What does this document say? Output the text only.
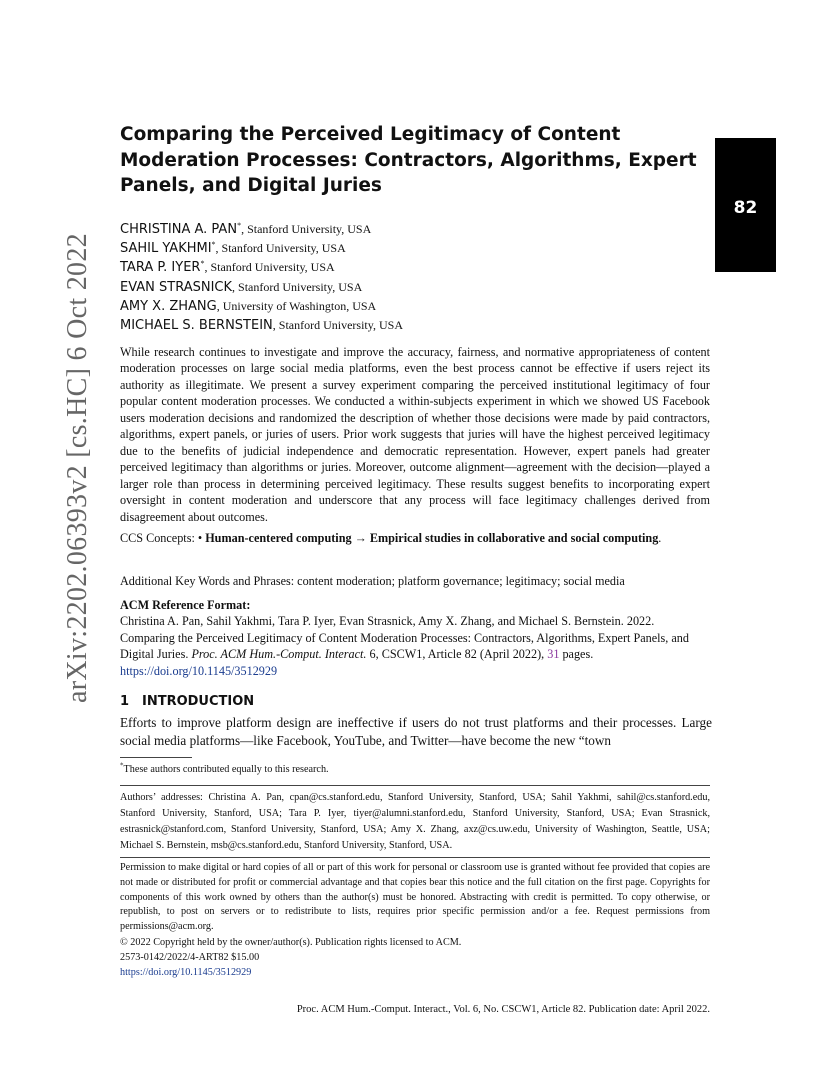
Comparing the Perceived Legitimacy of Content Moderation Processes: Contractors, Algorithms, Expert Panels, and Digital Juries
82
arXiv:2202.06393v2 [cs.HC] 6 Oct 2022
CHRISTINA A. PAN*, Stanford University, USA
SAHIL YAKHMI*, Stanford University, USA
TARA P. IYER*, Stanford University, USA
EVAN STRASNICK, Stanford University, USA
AMY X. ZHANG, University of Washington, USA
MICHAEL S. BERNSTEIN, Stanford University, USA

While research continues to investigate and improve the accuracy, fairness, and normative appropriateness of content moderation processes on large social media platforms, even the best process cannot be effective if users reject its authority as illegitimate. We present a survey experiment comparing the perceived institutional legitimacy of four popular content moderation processes. We conducted a within-subjects experiment in which we showed US Facebook users moderation decisions and randomized the description of whether those decisions were made by paid contractors, algorithms, expert panels, or juries of users. Prior work suggests that juries will have the highest perceived legitimacy due to the benefits of judicial independence and democratic representation. However, expert panels had greater perceived legitimacy than algorithms or juries. Moreover, outcome alignment—agreement with the decision—played a larger role than process in determining perceived legitimacy. These results suggest benefits to incorporating expert oversight in content moderation and underscore that any process will face legitimacy challenges derived from disagreement about outcomes.

CCS Concepts: • Human-centered computing → Empirical studies in collaborative and social computing.

Additional Key Words and Phrases: content moderation; platform governance; legitimacy; social media

ACM Reference Format:

Christina A. Pan, Sahil Yakhmi, Tara P. Iyer, Evan Strasnick, Amy X. Zhang, and Michael S. Bernstein. 2022. Comparing the Perceived Legitimacy of Content Moderation Processes: Contractors, Algorithms, Expert Panels, and Digital Juries. Proc. ACM Hum.-Comput. Interact. 6, CSCW1, Article 82 (April 2022), 31 pages.
https://doi.org/10.1145/3512929

1 INTRODUCTION

Efforts to improve platform design are ineffective if users do not trust platforms and their processes. Large social media platforms—like Facebook, YouTube, and Twitter—have become the new “town

*These authors contributed equally to this research.

Authors’ addresses: Christina A. Pan, cpan@cs.stanford.edu, Stanford University, Stanford, USA; Sahil Yakhmi, sahil@cs.stanford.edu, Stanford University, Stanford, USA; Tara P. Iyer, tiyer@alumni.stanford.edu, Stanford University, Stanford, USA; Evan Strasnick, estrasnick@stanford.com, Stanford University, Stanford, USA; Amy X. Zhang, axz@cs.uw.edu, University of Washington, Seattle, USA; Michael S. Bernstein, msb@cs.stanford.edu, Stanford University, Stanford, USA.

Permission to make digital or hard copies of all or part of this work for personal or classroom use is granted without fee provided that copies are not made or distributed for profit or commercial advantage and that copies bear this notice and the full citation on the first page. Copyrights for components of this work owned by others than the author(s) must be honored. Abstracting with credit is permitted. To copy otherwise, or republish, to post on servers or to redistribute to lists, requires prior specific permission and/or a fee. Request permissions from permissions@acm.org.

© 2022 Copyright held by the owner/author(s). Publication rights licensed to ACM.
2573-0142/2022/4-ART82 $15.00
https://doi.org/10.1145/3512929
Proc. ACM Hum.-Comput. Interact., Vol. 6, No. CSCW1, Article 82. Publication date: April 2022.
